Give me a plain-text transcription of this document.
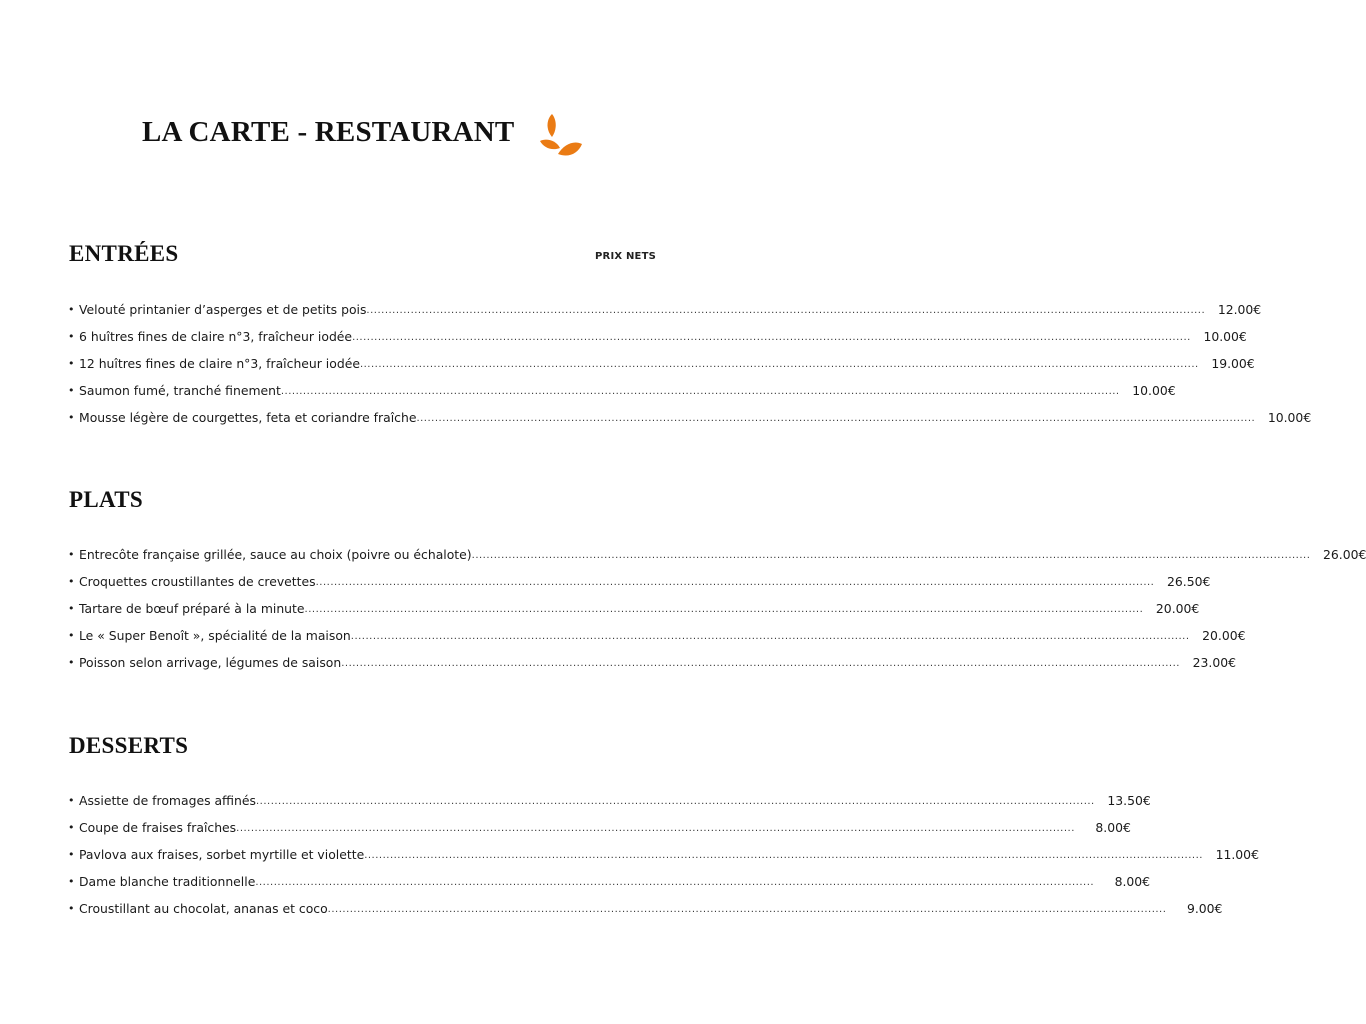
LA CARTE - RESTAURANT
ENTRÉES	PRIX NETS
• Velouté printanier d’asperges et de petits pois .................................................................................................................................................................................................................................... 12.00€
• 6 huîtres fines de claire n°3, fraîcheur iodée .................................................................................................................................................................................................................................... 10.00€
• 12 huîtres fines de claire n°3, fraîcheur iodée .................................................................................................................................................................................................................................... 19.00€
• Saumon fumé, tranché finement .................................................................................................................................................................................................................................... 10.00€
• Mousse légère de courgettes, feta et coriandre fraîche .................................................................................................................................................................................................................................... 10.00€
PLATS
• Entrecôte française grillée, sauce au choix (poivre ou échalote) .................................................................................................................................................................................................................................... 26.00€
• Croquettes croustillantes de crevettes .................................................................................................................................................................................................................................... 26.50€
• Tartare de bœuf préparé à la minute .................................................................................................................................................................................................................................... 20.00€
• Le « Super Benoît », spécialité de la maison .................................................................................................................................................................................................................................... 20.00€
• Poisson selon arrivage, légumes de saison .................................................................................................................................................................................................................................... 23.00€
DESSERTS
• Assiette de fromages affinés .................................................................................................................................................................................................................................... 13.50€
• Coupe de fraises fraîches ....................................................................................................................................................................................................................................	8.00€
• Pavlova aux fraises, sorbet myrtille et violette .................................................................................................................................................................................................................................... 11.00€
• Dame blanche traditionnelle ....................................................................................................................................................................................................................................	8.00€
• Croustillant au chocolat, ananas et coco ....................................................................................................................................................................................................................................	9.00€
